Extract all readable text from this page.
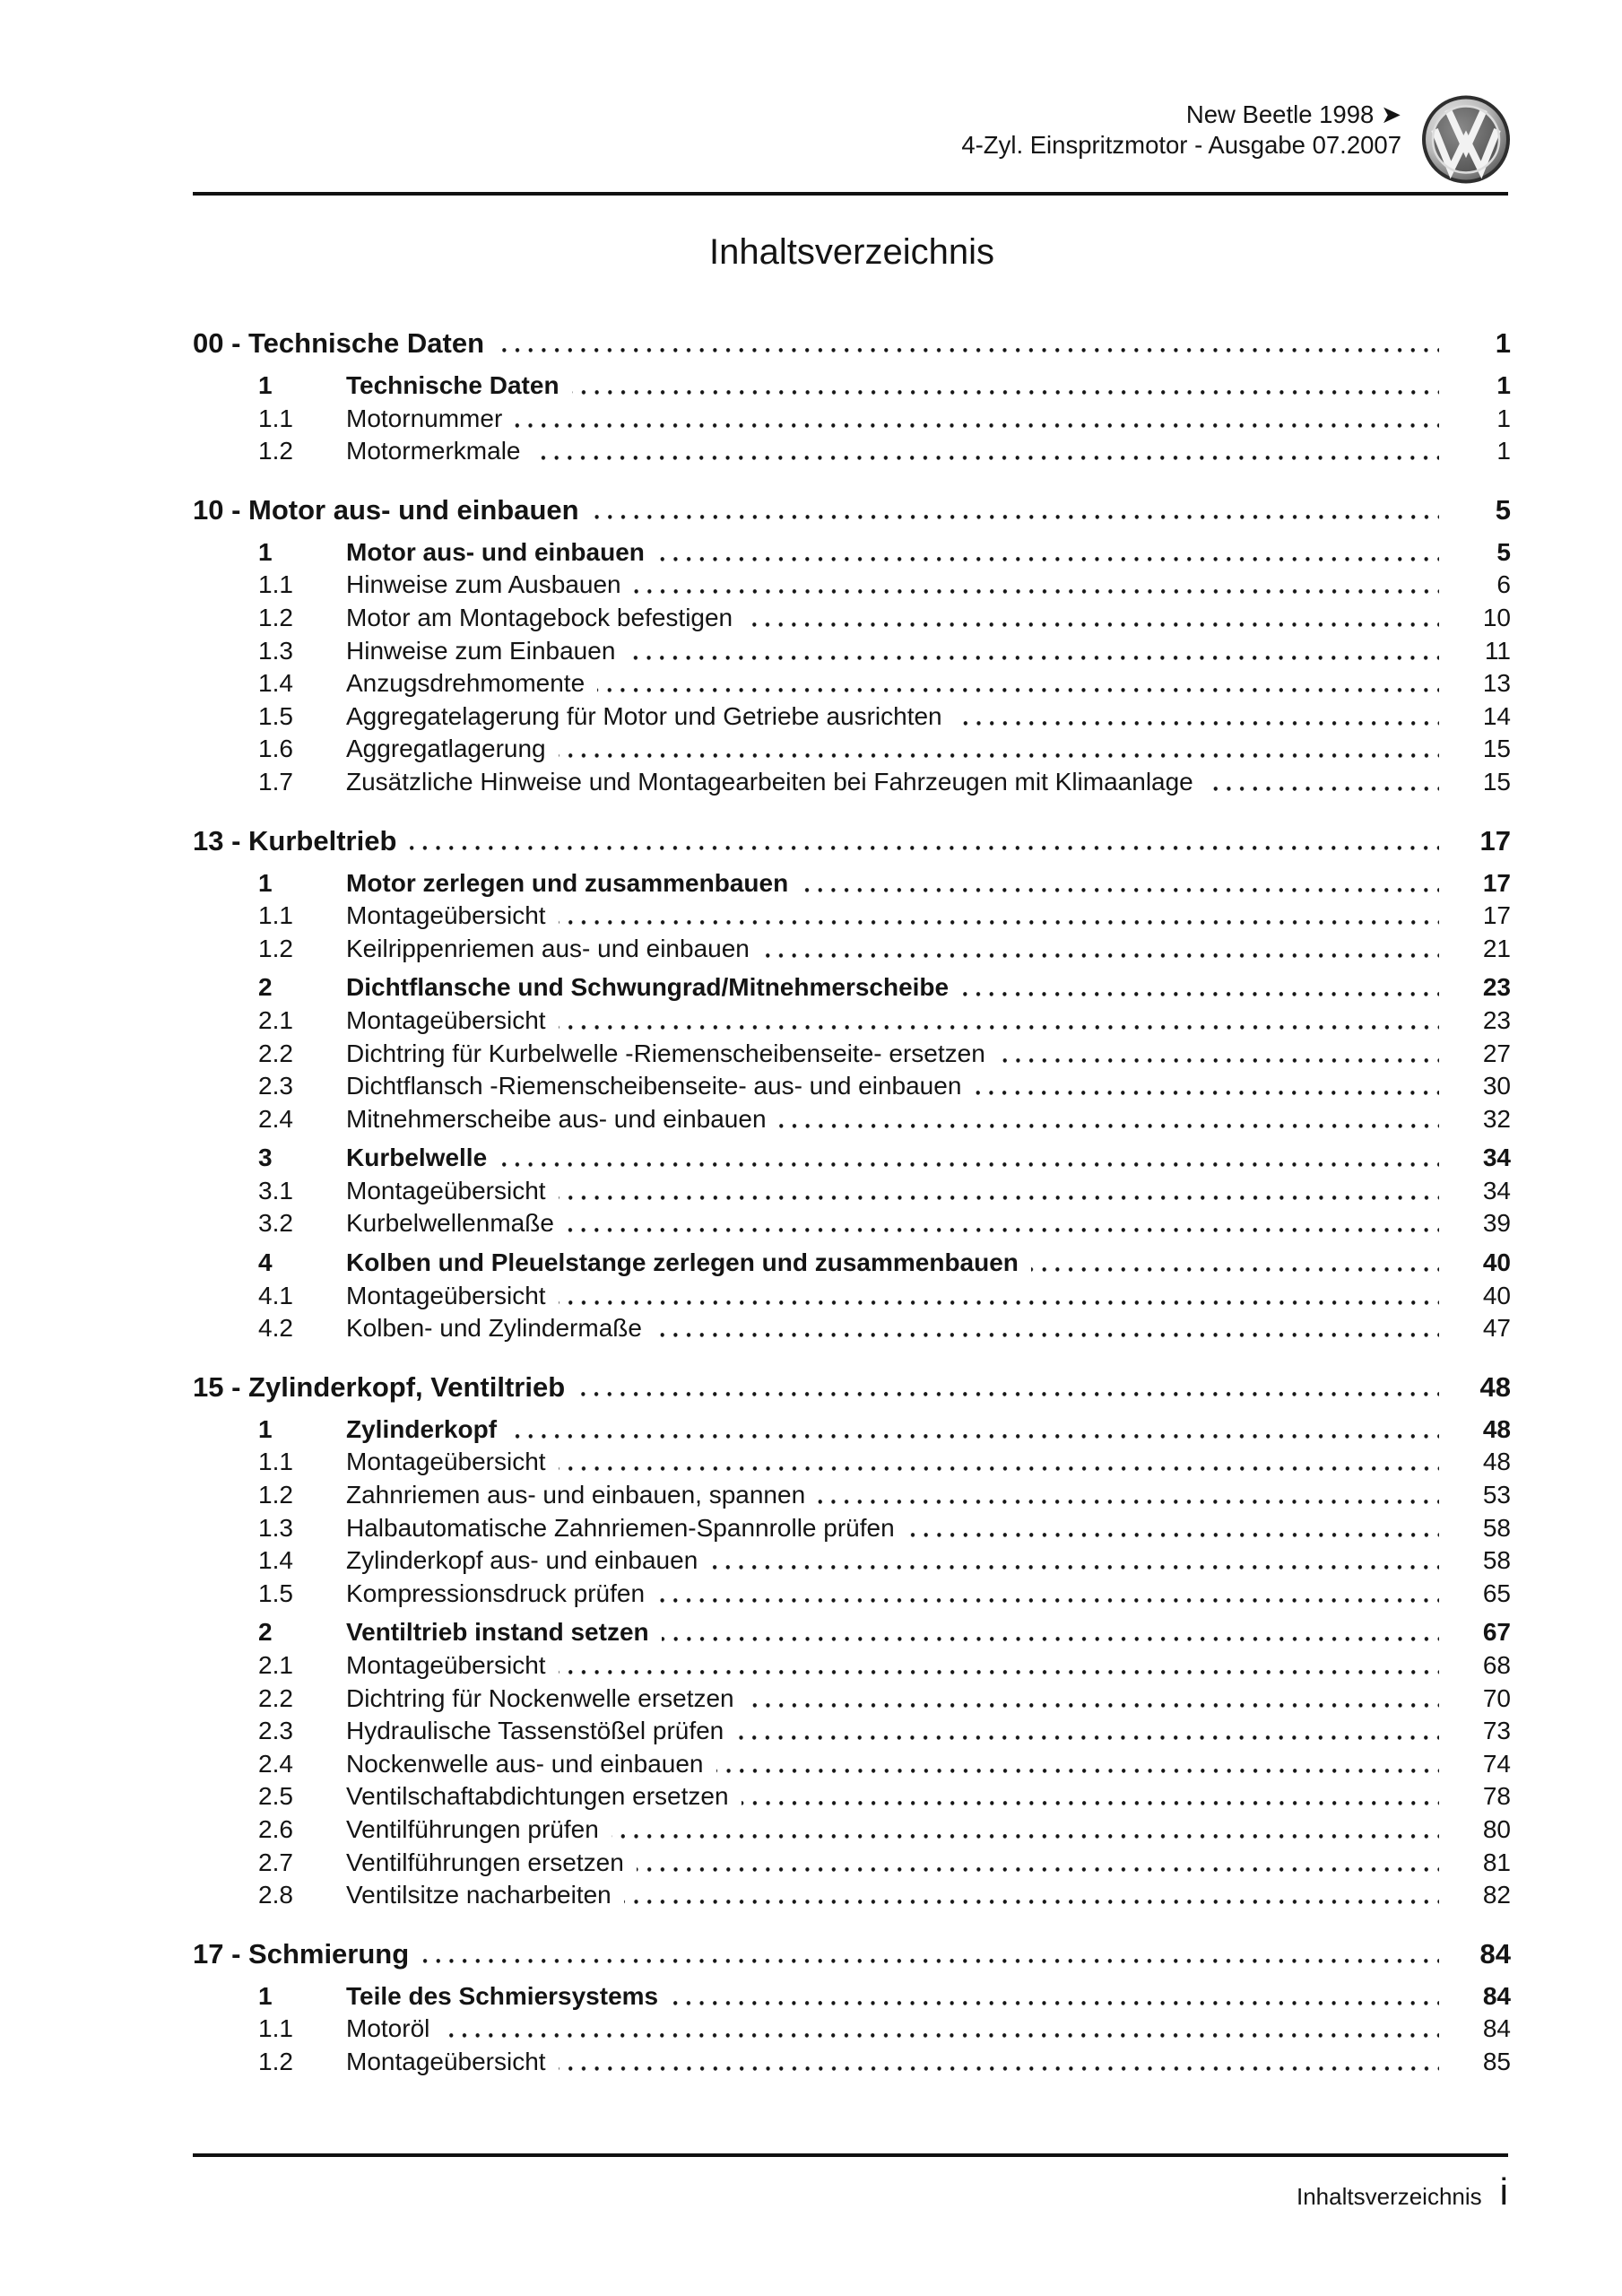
New Beetle 1998 ➤
4-Zyl. Einspritzmotor - Ausgabe 07.2007
Inhaltsverzeichnis
00 - Technische Daten	1
1	Technische Daten	1
1.1	Motornummer	1
1.2	Motormerkmale	1
10 - Motor aus- und einbauen	5
1	Motor aus- und einbauen	5
1.1	Hinweise zum Ausbauen	6
1.2	Motor am Montagebock befestigen	10
1.3	Hinweise zum Einbauen	11
1.4	Anzugsdrehmomente	13
1.5	Aggregatelagerung für Motor und Getriebe ausrichten	14
1.6	Aggregatlagerung	15
1.7	Zusätzliche Hinweise und Montagearbeiten bei Fahrzeugen mit Klimaanlage	15
13 - Kurbeltrieb	17
1	Motor zerlegen und zusammenbauen	17
1.1	Montageübersicht	17
1.2	Keilrippenriemen aus- und einbauen	21
2	Dichtflansche und Schwungrad/Mitnehmerscheibe	23
2.1	Montageübersicht	23
2.2	Dichtring für Kurbelwelle -Riemenscheibenseite- ersetzen	27
2.3	Dichtflansch -Riemenscheibenseite- aus- und einbauen	30
2.4	Mitnehmerscheibe aus- und einbauen	32
3	Kurbelwelle	34
3.1	Montageübersicht	34
3.2	Kurbelwellenmaße	39
4	Kolben und Pleuelstange zerlegen und zusammenbauen	40
4.1	Montageübersicht	40
4.2	Kolben- und Zylindermaße	47
15 - Zylinderkopf, Ventiltrieb	48
1	Zylinderkopf	48
1.1	Montageübersicht	48
1.2	Zahnriemen aus- und einbauen, spannen	53
1.3	Halbautomatische Zahnriemen-Spannrolle prüfen	58
1.4	Zylinderkopf aus- und einbauen	58
1.5	Kompressionsdruck prüfen	65
2	Ventiltrieb instand setzen	67
2.1	Montageübersicht	68
2.2	Dichtring für Nockenwelle ersetzen	70
2.3	Hydraulische Tassenstößel prüfen	73
2.4	Nockenwelle aus- und einbauen	74
2.5	Ventilschaftabdichtungen ersetzen	78
2.6	Ventilführungen prüfen	80
2.7	Ventilführungen ersetzen	81
2.8	Ventilsitze nacharbeiten	82
17 - Schmierung	84
1	Teile des Schmiersystems	84
1.1	Motoröl	84
1.2	Montageübersicht	85
Inhaltsverzeichnis i
